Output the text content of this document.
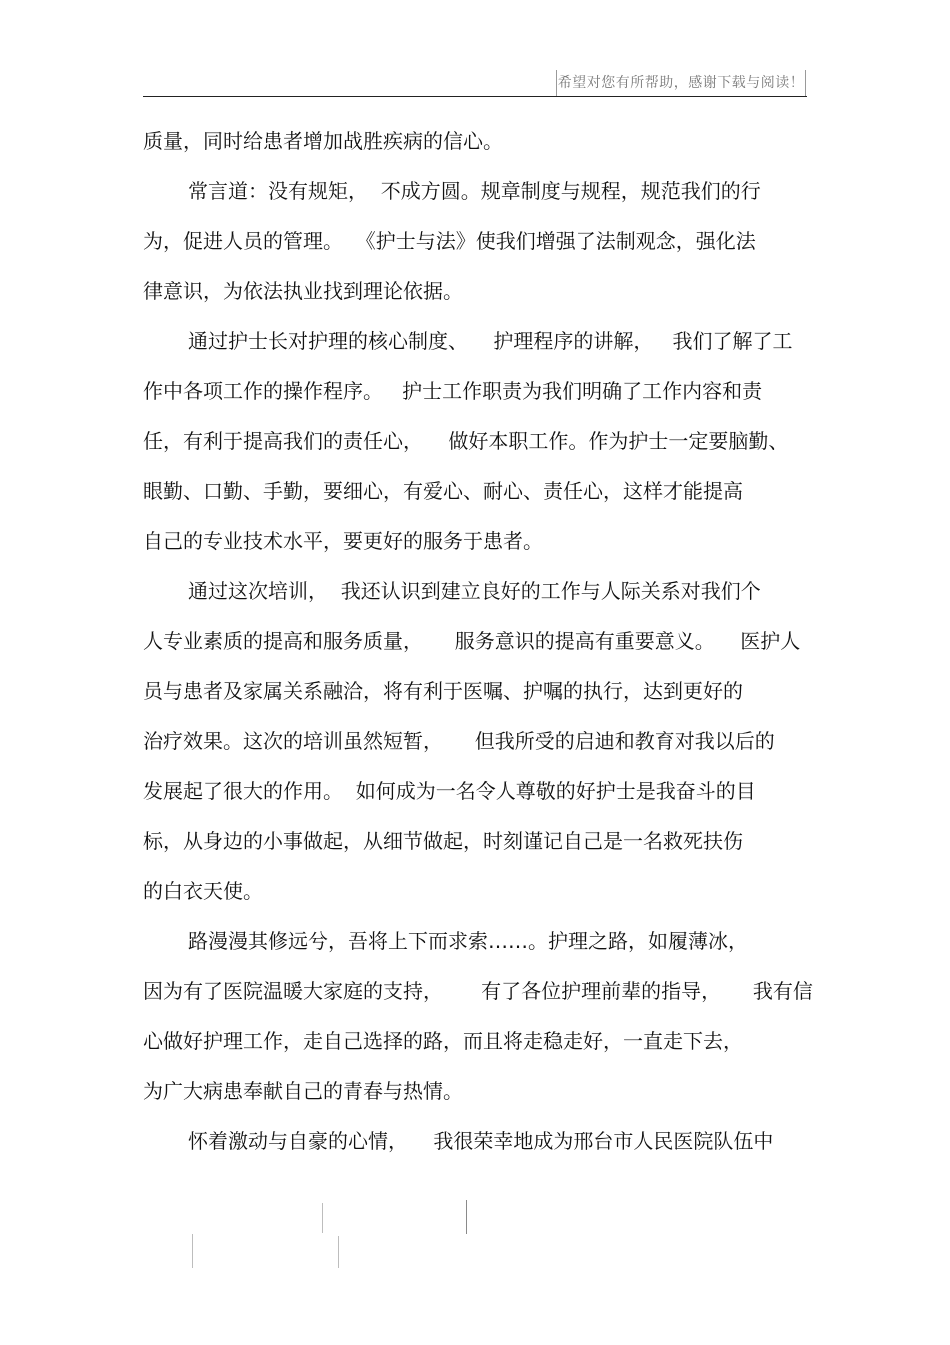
希望对您有所帮助，感谢下载与阅读！
质量，同时给患者增加战胜疾病的信心。
常言道：没有规矩，  不成方圆。规章制度与规程，规范我们的行
为，促进人员的管理。  《护士与法》使我们增强了法制观念，强化法
律意识，为依法执业找到理论依据。
通过护士长对护理的核心制度、    护理程序的讲解，   我们了解了工
作中各项工作的操作程序。   护士工作职责为我们明确了工作内容和责
任，有利于提高我们的责任心，    做好本职工作。作为护士一定要脑勤、
眼勤、口勤、手勤，要细心，有爱心、耐心、责任心，这样才能提高
自己的专业技术水平，要更好的服务于患者。
通过这次培训，  我还认识到建立良好的工作与人际关系对我们个
人专业素质的提高和服务质量，     服务意识的提高有重要意义。    医护人
员与患者及家属关系融洽，将有利于医嘱、护嘱的执行，达到更好的
治疗效果。这次的培训虽然短暂，     但我所受的启迪和教育对我以后的
发展起了很大的作用。  如何成为一名令人尊敬的好护士是我奋斗的目
标，从身边的小事做起，从细节做起，时刻谨记自己是一名救死扶伤
的白衣天使。
路漫漫其修远兮，吾将上下而求索……。护理之路，如履薄冰，
因为有了医院温暖大家庭的支持，      有了各位护理前辈的指导，     我有信
心做好护理工作，走自己选择的路，而且将走稳走好，一直走下去，
为广大病患奉献自己的青春与热情。
怀着激动与自豪的心情，    我很荣幸地成为邢台市人民医院队伍中
